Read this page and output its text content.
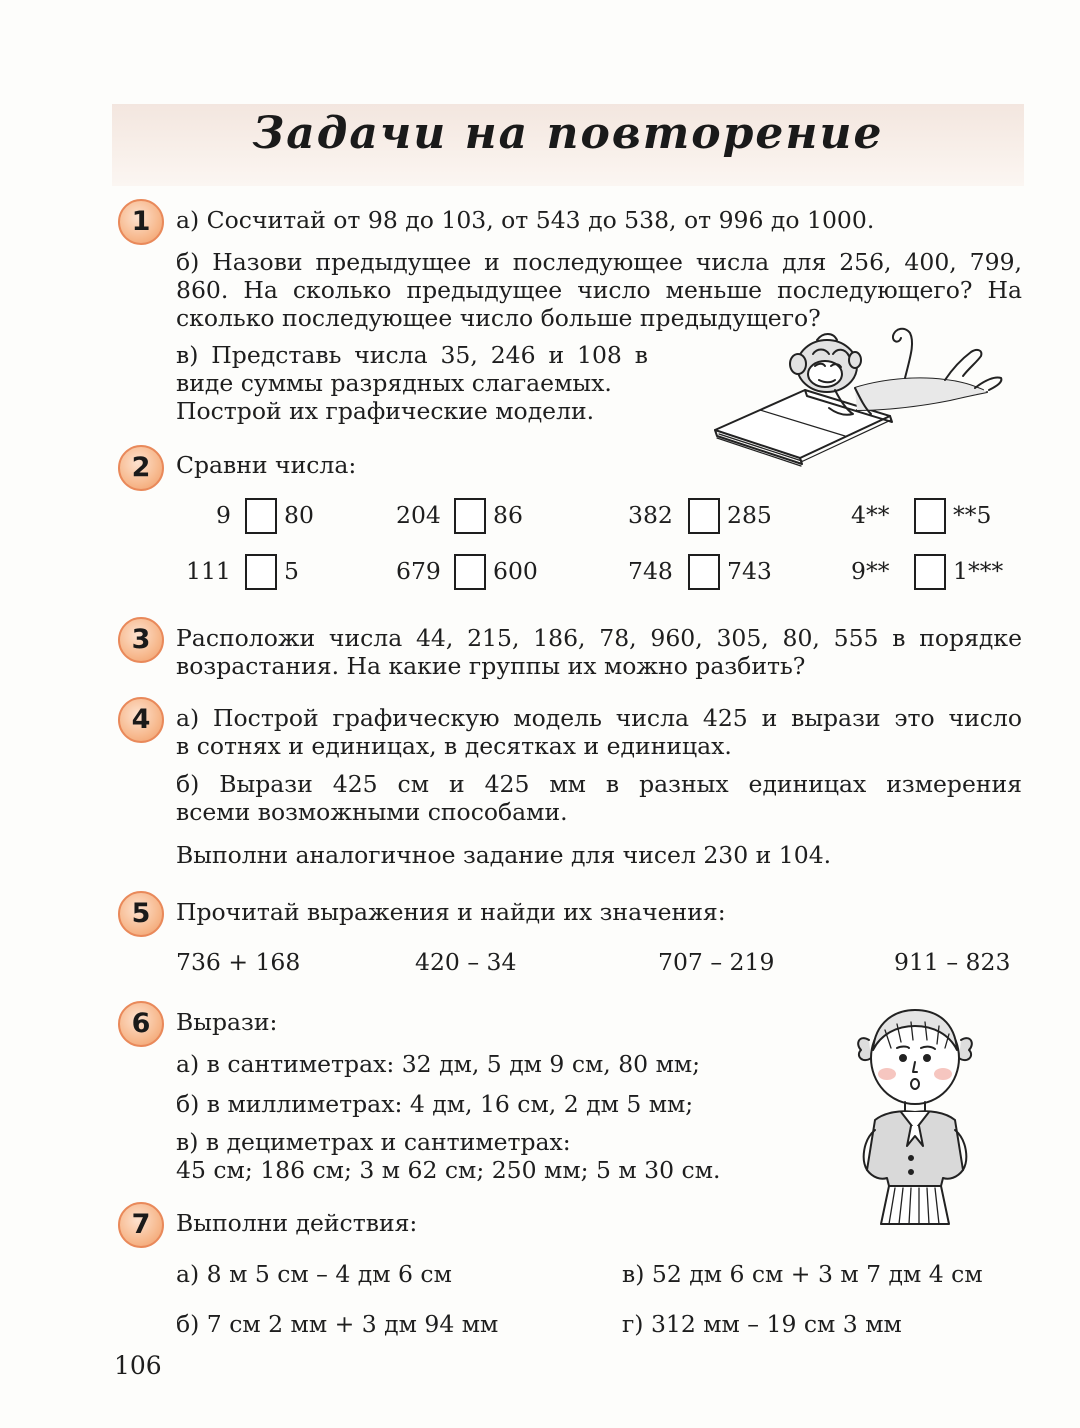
Задачи на повторение
1	а) Сосчитай от 98 до 103, от 543 до 538, от 996 до 1000.
б) Назови предыдущее и последующее числа для 256, 400, 799,
860. На сколько предыдущее число меньше последующего? На
сколько последующее число больше предыдущего?
в) Представь числа 35, 246 и 108 в
виде суммы разрядных слагаемых.
Построй их графические модели.
2	Сравни числа:
9 80	204 86	382 285	4**	**5
111 5	679 600	748 743	9**	1***
3	Расположи числа 44, 215, 186, 78, 960, 305, 80, 555 в порядке
возрастания. На какие группы их можно разбить?
4	а) Построй графическую модель числа 425 и вырази это число
в сотнях и единицах, в десятках и единицах.
б) Вырази 425 см и 425 мм в разных единицах измерения
всеми возможными способами.
Выполни аналогичное задание для чисел 230 и 104.
5	Прочитай выражения и найди их значения:
736 + 168	420 – 34	707 – 219	911 – 823
6	Вырази:
а) в сантиметрах: 32 дм, 5 дм 9 см, 80 мм;
б) в миллиметрах: 4 дм, 16 см, 2 дм 5 мм;
в) в дециметрах и сантиметрах:
45 см; 186 см; 3 м 62 см; 250 мм; 5 м 30 см.
7	Выполни действия:
а) 8 м 5 см – 4 дм 6 см	в) 52 дм 6 см + 3 м 7 дм 4 см
б) 7 см 2 мм + 3 дм 94 мм	г) 312 мм – 19 см 3 мм
106
